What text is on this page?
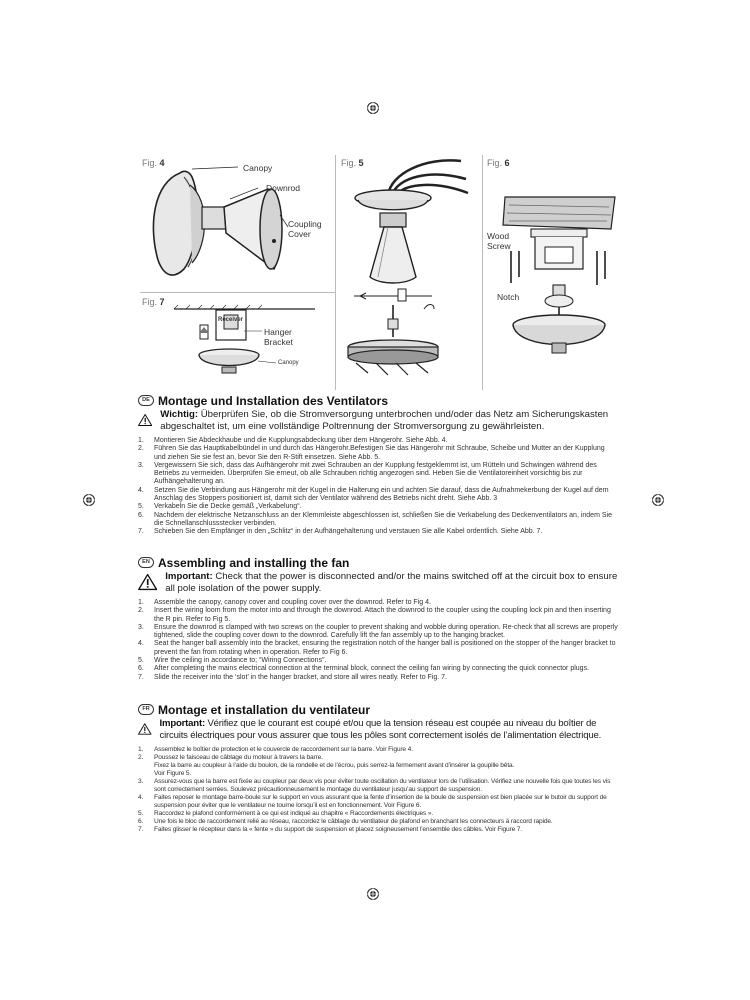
Fig. 4	Canopy
Downrod
Coupling
Cover
Fig. 5	Fig. 6
Wood
Screw
Notch
Fig. 7
Receiver
Hanger
Bracket
Canopy
DE Montage und Installation des Ventilators
Wichtig: Überprüfen Sie, ob die Stromversorgung unterbrochen und/oder das Netz am Sicherungskasten abgeschaltet ist, um eine vollständige Poltrennung der Stromversorgung zu gewährleisten.
1.	Montieren Sie Abdeckhaube und die Kupplungsabdeckung über dem Hängerohr. Siehe Abb. 4.
2.	Führen Sie das Hauptkabelbündel in und durch das Hängerohr.Befestigen Sie das Hängerohr mit Schraube, Scheibe und Mutter an der Kupplung und ziehen Sie sie fest an, bevor Sie den R-Stift einsetzen. Siehe Abb. 5.
3.	Vergewissern Sie sich, dass das Aufhängerohr mit zwei Schrauben an der Kupplung festgeklemmt ist, um Rütteln und Schwingen während des Betriebs zu vermeiden. Überprüfen Sie erneut, ob alle Schrauben richtig angezogen sind. Heben Sie die Ventilatoreinheit vorsichtig bis zur Aufhängehalterung an.
4.	Setzen Sie die Verbindung aus Hängerohr mit der Kugel in die Halterung ein und achten Sie darauf, dass die Aufnahmekerbung der Kugel auf dem Anschlag des Stoppers positioniert ist, damit sich der Ventilator während des Betriebs nicht dreht. Siehe Abb. 3
5.	Verkabeln Sie die Decke gemäß „Verkabelung“.
6.	Nachdem der elektrische Netzanschluss an der Klemmleiste abgeschlossen ist, schließen Sie die Verkabelung des Deckenventilators an, indem Sie die Schnellanschlussstecker verbinden.
7.	Schieben Sie den Empfänger in den „Schlitz“ in der Aufhängehalterung und verstauen Sie alle Kabel ordentlich. Siehe Abb. 7.
EN Assembling and installing the fan
Important: Check that the power is disconnected and/or the mains switched off at the circuit box to ensure all pole isolation of the power supply.
1.	Assemble the canopy, canopy cover and coupling cover over the downrod. Refer to Fig 4.
2.	Insert the wiring loom from the motor into and through the downrod. Attach the downrod to the coupler using the coupling lock pin and then inserting the R pin. Refer to Fig 5.
3.	Ensure the downrod is clamped with two screws on the coupler to prevent shaking and wobble during operation. Re-check that all screws are properly tightened, slide the coupling cover down to the downrod. Carefully lift the fan assembly up to the hanging bracket.
4.	Seat the hanger ball assembly into the bracket, ensuring the registration notch of the hanger ball is positioned on the stopper of the hanger bracket to prevent the fan from rotating when in operation. Refer to Fig 6.
5.	Wire the ceiling in accordance to; “Wiring Connections”.
6.	After completing the mains electrical connection at the terminal block, connect the ceiling fan wiring by connecting the quick connector plugs.
7.	Slide the receiver into the ‘slot’ in the hanger bracket, and store all wires neatly. Refer to Fig. 7.
FR Montage et installation du ventilateur
Important: Vérifiez que le courant est coupé et/ou que la tension réseau est coupée au niveau du boîtier de circuits électriques pour vous assurer que tous les pôles sont correctement isolés de l’alimentation électrique.
1.	Assemblez le boîtier de protection et le couvercle de raccordement sur la barre. Voir Figure 4.
2.	Poussez le faisceau de câblage du moteur à travers la barre.
Fixez la barre au coupleur à l’aide du boulon, de la rondelle et de l’écrou, puis serrez-la fermement avant d’insérer la goupille bêta.
Voir Figure 5.
3.	Assurez-vous que la barre est fixée au coupleur par deux vis pour éviter toute oscillation du ventilateur lors de l’utilisation. Vérifiez une nouvelle fois que toutes les vis sont correctement serrées. Soulevez précautionneusement le montage du ventilateur jusqu’au support de suspension.
4.	Faites reposer le montage barre-boule sur le support en vous assurant que la fente d’insertion de la boule de suspension est bien placée sur le butoir du support de suspension pour éviter que le ventilateur ne tourne lorsqu’il est en fonctionnement. Voir Figure 6.
5.	Raccordez le plafond conformément à ce qui est indiqué au chapitre « Raccordements électriques ».
6.	Une fois le bloc de raccordement relié au réseau, raccordez le câblage du ventilateur de plafond en branchant les connecteurs à raccord rapide.
7.	Faites glisser le récepteur dans la « fente » du support de suspension et placez soigneusement l’ensemble des câbles. Voir Figure 7.
